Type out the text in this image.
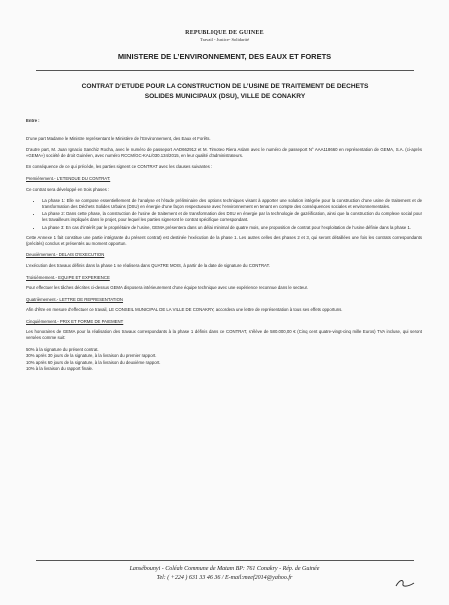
REPUBLIQUE DE GUINEE
Travail - Justice- Solidarité
MINISTERE DE L’ENVIRONNEMENT, DES EAUX ET FORETS
CONTRAT D’ETUDE POUR LA CONSTRUCTION DE L’USINE DE TRAITEMENT DE DECHETS
SOLIDES MUNICIPAUX (DSU), VILLE DE CONAKRY

Entre :

D’une part Madame le Ministre représentant le Ministère de l’Environnement, des Eaux et Forêts.

D’autre part, M. Juan Ignacio Sanchiz Rocha, avec le numéro de passeport AAD662912 et M. Timoteo Riera Aslam avec le numéro de passeport N° AAA118660 en représentation de GEMA, S.A. (ci-après «GEMA») société de droit Guinéen, avec numéro RCCM/GC-KAL/030.134/2015, en leur qualité d’administrateurs.

En conséquence de ce qui précède, les parties signent ce CONTRAT avec les clauses suivantes :

Premièrement.- L’ETENDUE DU CONTRAT:

Ce contrat sera développé en trois phases :

• La phase 1: Elle se compose essentiellement de l’analyse et l’étude préliminaire des options techniques visant à apporter une solution intégrée pour la construction d’une usine de traitement et de transformation des Déchets Solides Urbains (DSU) en énergie d’une façon respectueuse avec l’environnement en tenant en compte des conséquences sociales et environnementales.
• La phase 2: Dans cette phase, la construction de l’usine de traitement et de transformation des DSU en énergie par la technologie de gazéification, ainsi que la construction du complexe social pour les travailleurs impliqués dans le projet, pour lequel les parties signeront le contrat spécifique correspondant.
• La phase 3: En cas d’intérêt par le propriétaire de l’usine, GEMA présentera dans un délai minimal de quatre mois, une proposition de contrat pour l’exploitation de l’usine définie dans la phase 1.

Cette Annexe 1 fait constitue une partie intégrante du présent contrat) est destinée l’exécution de la phase 1. Les autres celles des phases 2 et 3, qui seront détaillées une fois les contrats correspondants (précités) conclus et présentés au moment opportun.

Deuxièmement.- DELAIS D’EXECUTION

L’exécution des travaux définis dans la phase 1 se réalisera dans QUATRE MOIS, à partir de la date de signature du CONTRAT.

Troisièmement.- EQUIPE ET EXPERIENCE

Pour effectuer les tâches décrites ci-dessus GEMA disposera intérieurement d’une équipe technique avec une expérience reconnue dans le secteur.

Quatrièmement.- LETTRE DE REPRESENTATION

Afin d’être en mesure d’effectuer ce travail, LE CONSEIL MUNICIPAL DE LA VILLE DE CONAKRY, accordera une lettre de représentation à tous ses effets opportuns.

Cinquièmement.- PRIX ET FORME DE PAIEMENT

Les honoraires de GEMA pour la réalisation des travaux correspondants à la phase 1 définis dans ce CONTRAT, s’élève de 580.000,00 € (Cinq cent quatre-vingt-cinq mille Euros) TVA incluse, qui seront versées comme suit:

50% à la signature du présent contrat.

30% après 30 jours de la signature, à la livraison du premier rapport.

10% après 60 jours de la signature, à la livraison du deuxième rapport.

10% à la livraison du rapport finale.

Lansébounyi - Coléah Commune de Matam BP: 761 Conakry - Rép. de Guinée
Tel: ( +224 ) 631 33 46 36 / E-mail:meef2014@yahoo.fr
